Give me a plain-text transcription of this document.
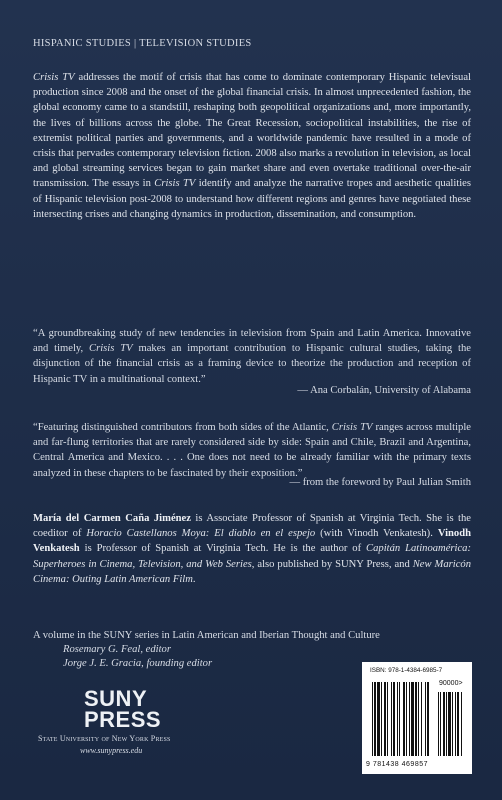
HISPANIC STUDIES | TELEVISION STUDIES

Crisis TV addresses the motif of crisis that has come to dominate contemporary Hispanic televisual production since 2008 and the onset of the global financial crisis. In almost unprecedented fashion, the global economy came to a standstill, reshaping both geopolitical organizations and, more importantly, the lives of billions across the globe. The Great Recession, sociopolitical instabilities, the rise of extremist political parties and governments, and a worldwide pandemic have resulted in a mode of crisis that pervades contemporary television fiction. 2008 also marks a revolution in television, as local and global streaming services began to gain market share and even overtake traditional over-the-air transmission. The essays in Crisis TV identify and analyze the narrative tropes and aesthetic qualities of Hispanic television post-2008 to understand how different regions and genres have negotiated these intersecting crises and changing dynamics in production, dissemination, and consumption.

“A groundbreaking study of new tendencies in television from Spain and Latin America. Innovative and timely, Crisis TV makes an important contribution to Hispanic cultural studies, taking the disjunction of the financial crisis as a framing device to theorize the production and reception of Hispanic TV in a multinational context.”

— Ana Corbalán, University of Alabama

“Featuring distinguished contributors from both sides of the Atlantic, Crisis TV ranges across multiple and far-flung territories that are rarely considered side by side: Spain and Chile, Brazil and Argentina, Central America and Mexico. . . . One does not need to be already familiar with the primary texts analyzed in these chapters to be fascinated by their exposition.”

— from the foreword by Paul Julian Smith

María del Carmen Caña Jiménez is Associate Professor of Spanish at Virginia Tech. She is the coeditor of Horacio Castellanos Moya: El diablo en el espejo (with Vinodh Venkatesh). Vinodh Venkatesh is Professor of Spanish at Virginia Tech. He is the author of Capitán Latinoamérica: Superheroes in Cinema, Television, and Web Series, also published by SUNY Press, and New Maricón Cinema: Outing Latin American Film.

A volume in the SUNY series in Latin American and Iberian Thought and Culture
Rosemary G. Feal, editor
Jorge J. E. Gracia, founding editor
SUNY
PRESS
State University of New York Press
www.sunypress.edu
ISBN: 978-1-4384-6985-7
90000>
9 781438 469857
